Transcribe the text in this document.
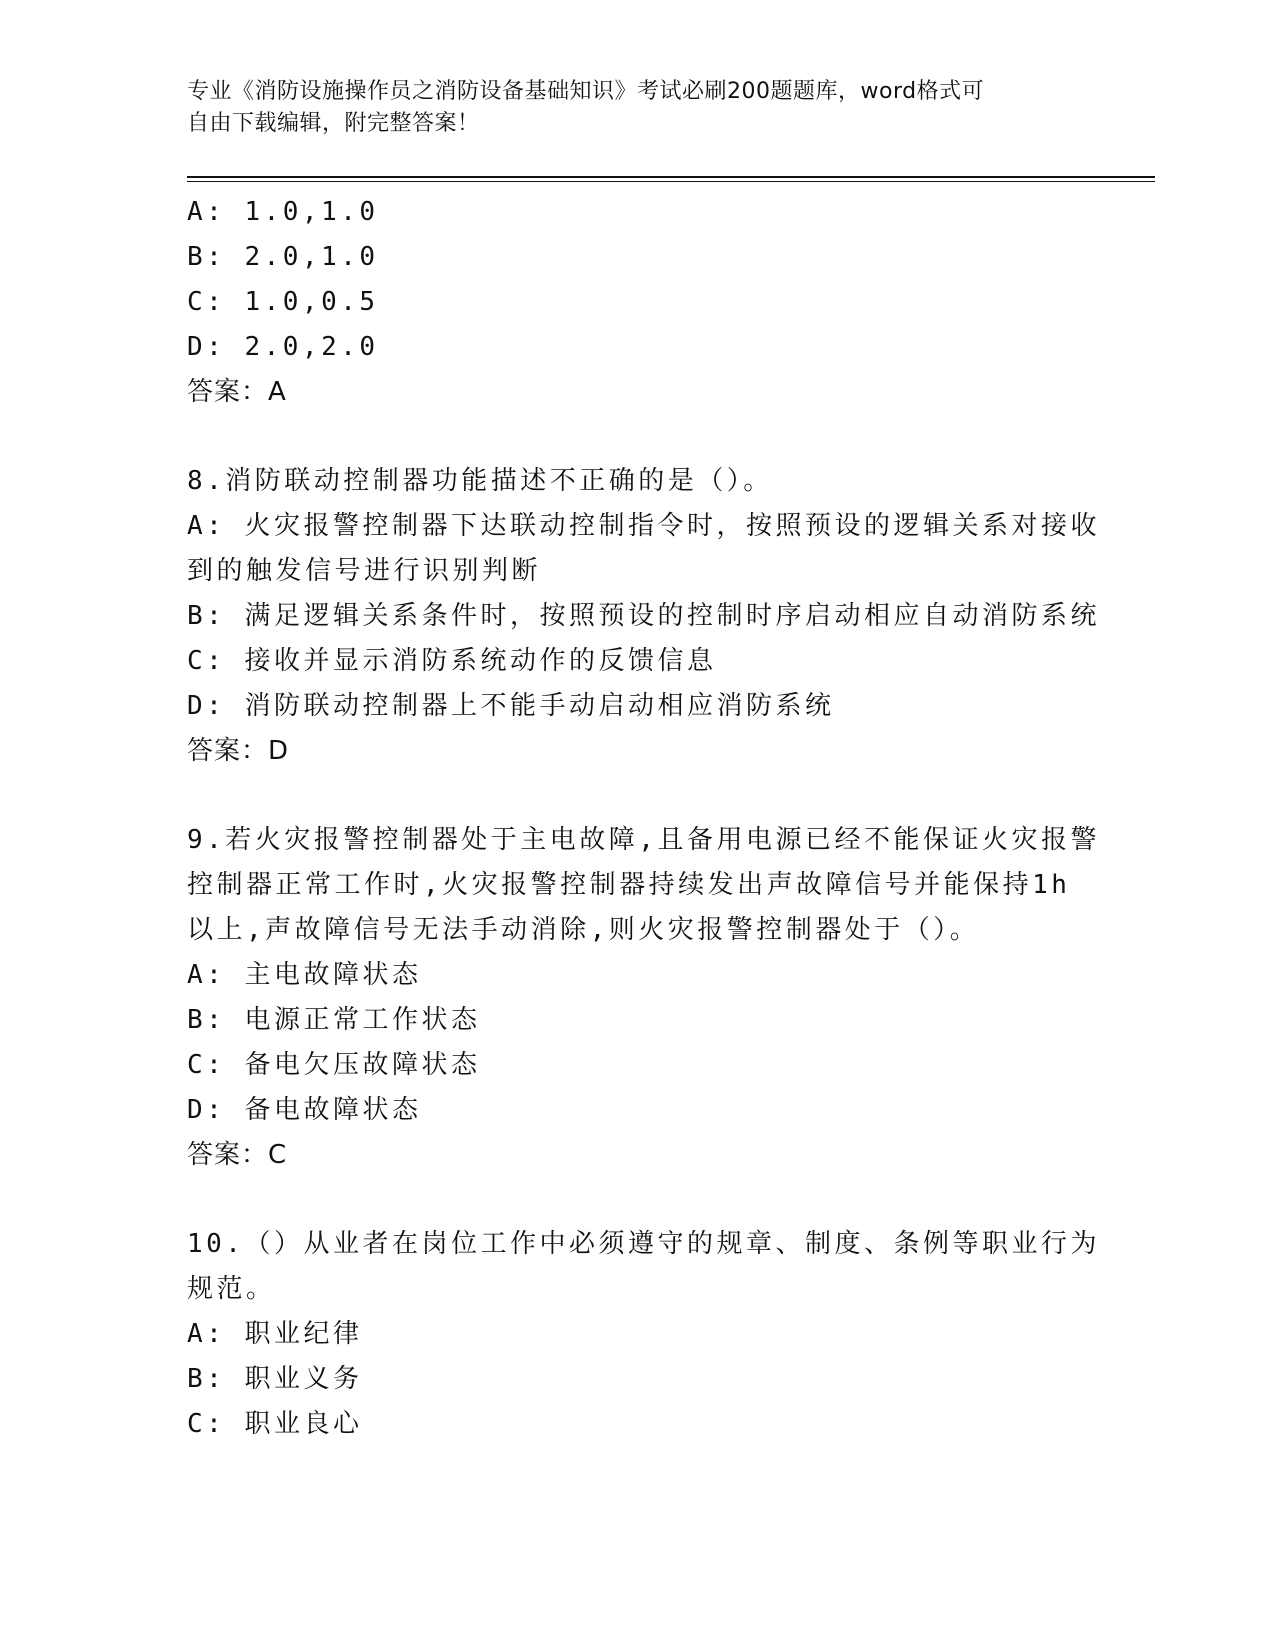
专业《消防设施操作员之消防设备基础知识》考试必刷200题题库，word格式可
自由下载编辑，附完整答案！
A: 1.0,1.0
B: 2.0,1.0
C: 1.0,0.5
D: 2.0,2.0
答案：A
8.消防联动控制器功能描述不正确的是（）。
A: 火灾报警控制器下达联动控制指令时，按照预设的逻辑关系对接收
到的触发信号进行识别判断
B: 满足逻辑关系条件时，按照预设的控制时序启动相应自动消防系统
C: 接收并显示消防系统动作的反馈信息
D: 消防联动控制器上不能手动启动相应消防系统
答案：D
9.若火灾报警控制器处于主电故障,且备用电源已经不能保证火灾报警
控制器正常工作时,火灾报警控制器持续发出声故障信号并能保持1h
以上,声故障信号无法手动消除,则火灾报警控制器处于（）。
A: 主电故障状态
B: 电源正常工作状态
C: 备电欠压故障状态
D: 备电故障状态
答案：C
10.（）从业者在岗位工作中必须遵守的规章、制度、条例等职业行为
规范。
A: 职业纪律
B: 职业义务
C: 职业良心
